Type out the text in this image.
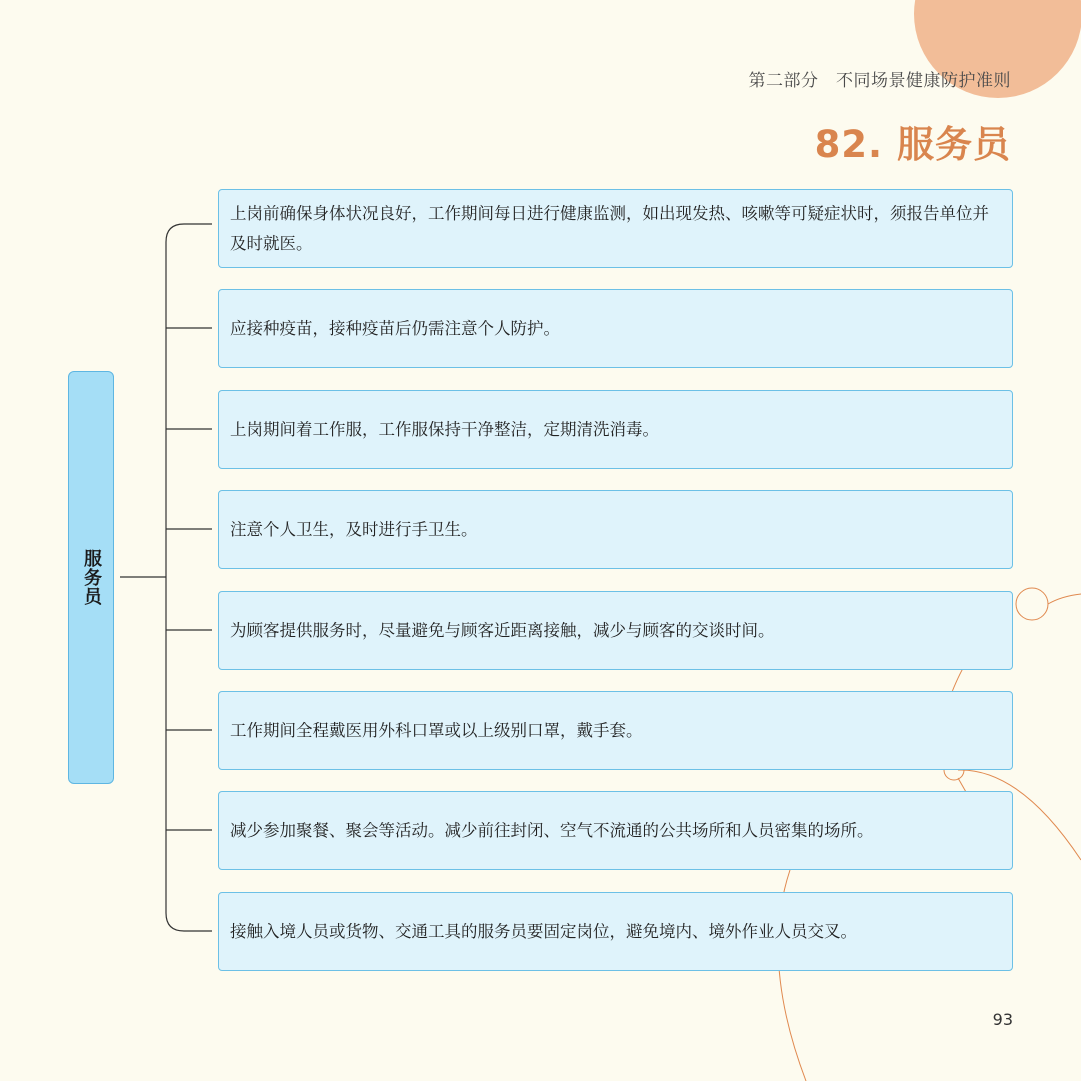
第二部分　不同场景健康防护准则
82. 服务员
服务员
上岗前确保身体状况良好，工作期间每日进行健康监测，如出现发热、咳嗽等可疑症状时，须报告单位并及时就医。
应接种疫苗，接种疫苗后仍需注意个人防护。
上岗期间着工作服，工作服保持干净整洁，定期清洗消毒。
注意个人卫生，及时进行手卫生。
为顾客提供服务时，尽量避免与顾客近距离接触，减少与顾客的交谈时间。
工作期间全程戴医用外科口罩或以上级别口罩，戴手套。
减少参加聚餐、聚会等活动。减少前往封闭、空气不流通的公共场所和人员密集的场所。
接触入境人员或货物、交通工具的服务员要固定岗位，避免境内、境外作业人员交叉。
93
